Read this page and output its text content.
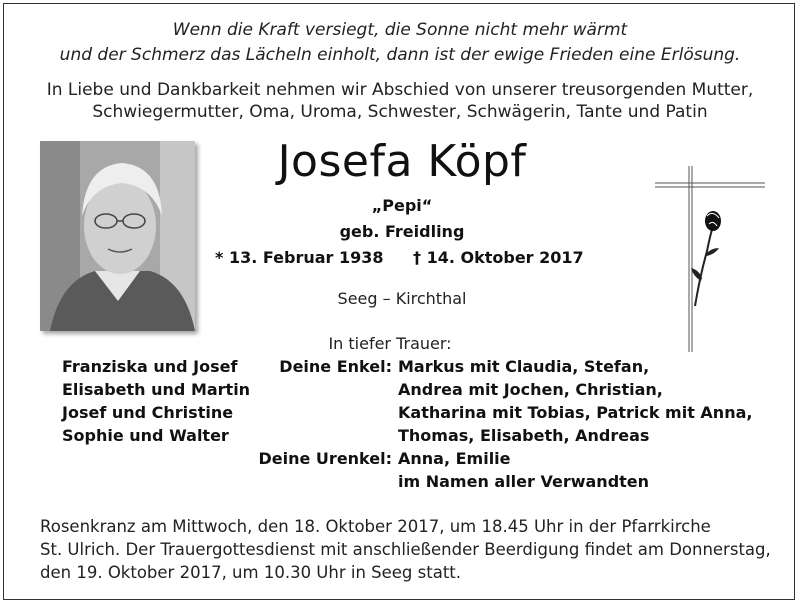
Wenn die Kraft versiegt, die Sonne nicht mehr wärmt
und der Schmerz das Lächeln einholt, dann ist der ewige Frieden eine Erlösung.
In Liebe und Dankbarkeit nehmen wir Abschied von unserer treusorgenden Mutter,
Schwiegermutter, Oma, Uroma, Schwester, Schwägerin, Tante und Patin
Josefa Köpf
„Pepi“
geb. Freidling
* 13. Februar 1938 † 14. Oktober 2017
Seeg – Kirchthal
In tiefer Trauer:
Franziska und Josef
Elisabeth und Martin
Josef und Christine
Sophie und Walter
Deine Enkel: Markus mit Claudia, Stefan,
Andrea mit Jochen, Christian,
Katharina mit Tobias, Patrick mit Anna,
Thomas, Elisabeth, Andreas
Deine Urenkel: Anna, Emilie
im Namen aller Verwandten
Rosenkranz am Mittwoch, den 18. Oktober 2017, um 18.45 Uhr in der Pfarrkirche
St. Ulrich. Der Trauergottesdienst mit anschließender Beerdigung findet am Donnerstag,
den 19. Oktober 2017, um 10.30 Uhr in Seeg statt.
